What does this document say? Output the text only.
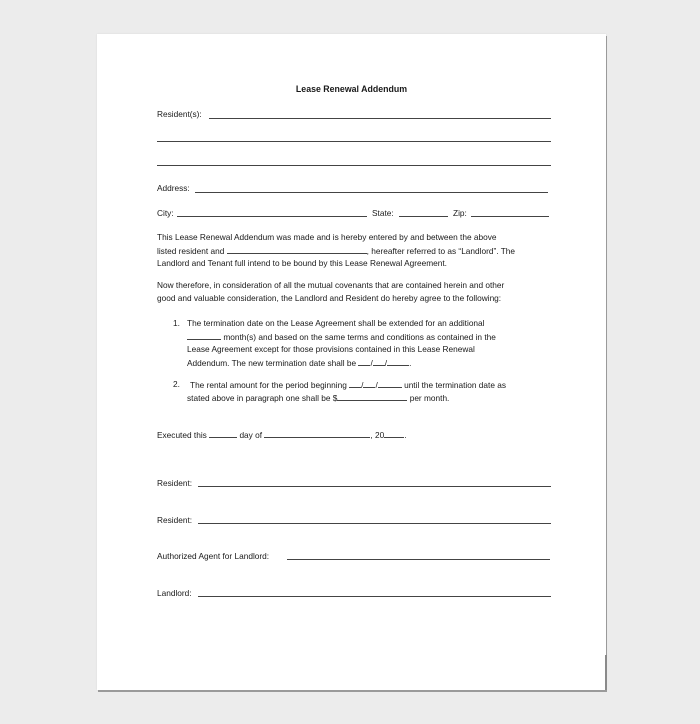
Lease Renewal Addendum
Resident(s):
Address:
City:	State:	Zip:
This Lease Renewal Addendum was made and is hereby entered by and between the above
listed resident and	, hereafter referred to as “Landlord”. The
Landlord and Tenant full intend to be bound by this Lease Renewal Agreement.
Now therefore, in consideration of all the mutual covenants that are contained herein and other
good and valuable consideration, the Landlord and Resident do hereby agree to the following:
1. The termination date on the Lease Agreement shall be extended for an additional
month(s) and based on the same terms and conditions as contained in the
Lease Agreement except for those provisions contained in this Lease Renewal
Addendum. The new termination date shall be / /	.
2. The rental amount for the period beginning / /	until the termination date as
stated above in paragraph one shall be $	per month.
Executed this	day of	, 20 .
Resident:
Resident:
Authorized Agent for Landlord:
Landlord:
